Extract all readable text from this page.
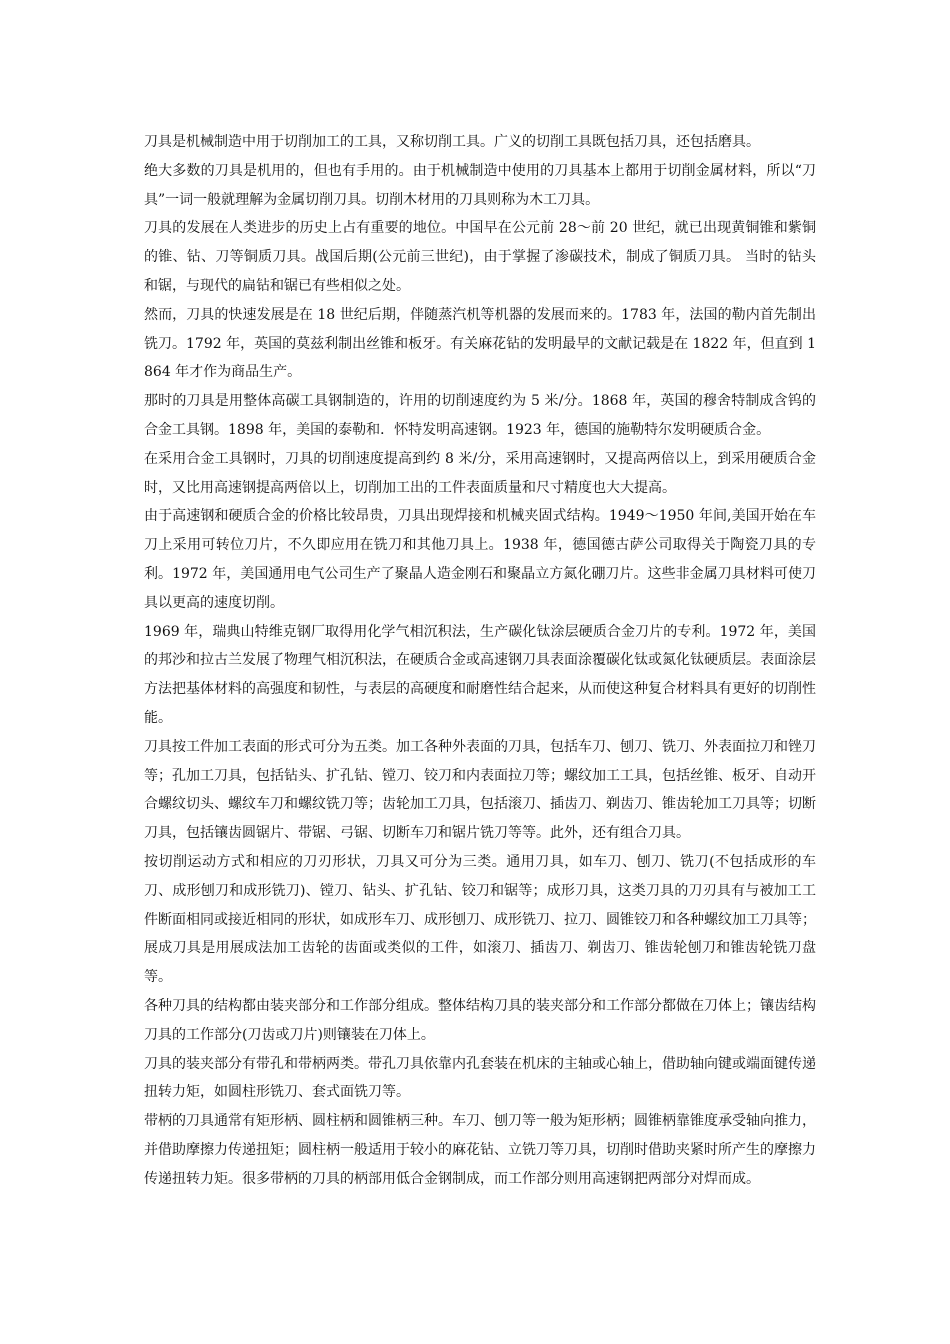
刀具是机械制造中用于切削加工的工具，又称切削工具。广义的切削工具既包括刀具，还包括磨具。

绝大多数的刀具是机用的，但也有手用的。由于机械制造中使用的刀具基本上都用于切削金属材料，所以“刀具”一词一般就理解为金属切削刀具。切削木材用的刀具则称为木工刀具。

刀具的发展在人类进步的历史上占有重要的地位。中国早在公元前 28～前 20 世纪，就已出现黄铜锥和紫铜的锥、钻、刀等铜质刀具。战国后期(公元前三世纪)，由于掌握了渗碳技术，制成了铜质刀具。 当时的钻头和锯，与现代的扁钻和锯已有些相似之处。

然而，刀具的快速发展是在 18 世纪后期，伴随蒸汽机等机器的发展而来的。1783 年，法国的勒内首先制出铣刀。1792 年，英国的莫兹利制出丝锥和板牙。有关麻花钻的发明最早的文献记载是在 1822 年，但直到 1864 年才作为商品生产。

那时的刀具是用整体高碳工具钢制造的，许用的切削速度约为 5 米/分。1868 年，英国的穆舍特制成含钨的合金工具钢。1898 年，美国的泰勒和．怀特发明高速钢。1923 年，德国的施勒特尔发明硬质合金。

在采用合金工具钢时，刀具的切削速度提高到约 8 米/分，采用高速钢时，又提高两倍以上，到采用硬质合金时，又比用高速钢提高两倍以上，切削加工出的工件表面质量和尺寸精度也大大提高。

由于高速钢和硬质合金的价格比较昂贵，刀具出现焊接和机械夹固式结构。1949～1950 年间,美国开始在车刀上采用可转位刀片，不久即应用在铣刀和其他刀具上。1938 年，德国德古萨公司取得关于陶瓷刀具的专利。1972 年，美国通用电气公司生产了聚晶人造金刚石和聚晶立方氮化硼刀片。这些非金属刀具材料可使刀具以更高的速度切削。

1969 年，瑞典山特维克钢厂取得用化学气相沉积法，生产碳化钛涂层硬质合金刀片的专利。1972 年，美国的邦沙和拉古兰发展了物理气相沉积法，在硬质合金或高速钢刀具表面涂覆碳化钛或氮化钛硬质层。表面涂层方法把基体材料的高强度和韧性，与表层的高硬度和耐磨性结合起来，从而使这种复合材料具有更好的切削性能。

刀具按工件加工表面的形式可分为五类。加工各种外表面的刀具，包括车刀、刨刀、铣刀、外表面拉刀和锉刀等；孔加工刀具，包括钻头、扩孔钻、镗刀、铰刀和内表面拉刀等；螺纹加工工具，包括丝锥、板牙、自动开合螺纹切头、螺纹车刀和螺纹铣刀等；齿轮加工刀具，包括滚刀、插齿刀、剃齿刀、锥齿轮加工刀具等；切断刀具，包括镶齿圆锯片、带锯、弓锯、切断车刀和锯片铣刀等等。此外，还有组合刀具。

按切削运动方式和相应的刀刃形状，刀具又可分为三类。通用刀具，如车刀、刨刀、铣刀(不包括成形的车刀、成形刨刀和成形铣刀)、镗刀、钻头、扩孔钻、铰刀和锯等；成形刀具，这类刀具的刀刃具有与被加工工件断面相同或接近相同的形状，如成形车刀、成形刨刀、成形铣刀、拉刀、圆锥铰刀和各种螺纹加工刀具等；展成刀具是用展成法加工齿轮的齿面或类似的工件，如滚刀、插齿刀、剃齿刀、锥齿轮刨刀和锥齿轮铣刀盘等。

各种刀具的结构都由装夹部分和工作部分组成。整体结构刀具的装夹部分和工作部分都做在刀体上；镶齿结构刀具的工作部分(刀齿或刀片)则镶装在刀体上。

刀具的装夹部分有带孔和带柄两类。带孔刀具依靠内孔套装在机床的主轴或心轴上，借助轴向键或端面键传递扭转力矩，如圆柱形铣刀、套式面铣刀等。

带柄的刀具通常有矩形柄、圆柱柄和圆锥柄三种。车刀、刨刀等一般为矩形柄；圆锥柄靠锥度承受轴向推力，并借助摩擦力传递扭矩；圆柱柄一般适用于较小的麻花钻、立铣刀等刀具，切削时借助夹紧时所产生的摩擦力传递扭转力矩。很多带柄的刀具的柄部用低合金钢制成，而工作部分则用高速钢把两部分对焊而成。
